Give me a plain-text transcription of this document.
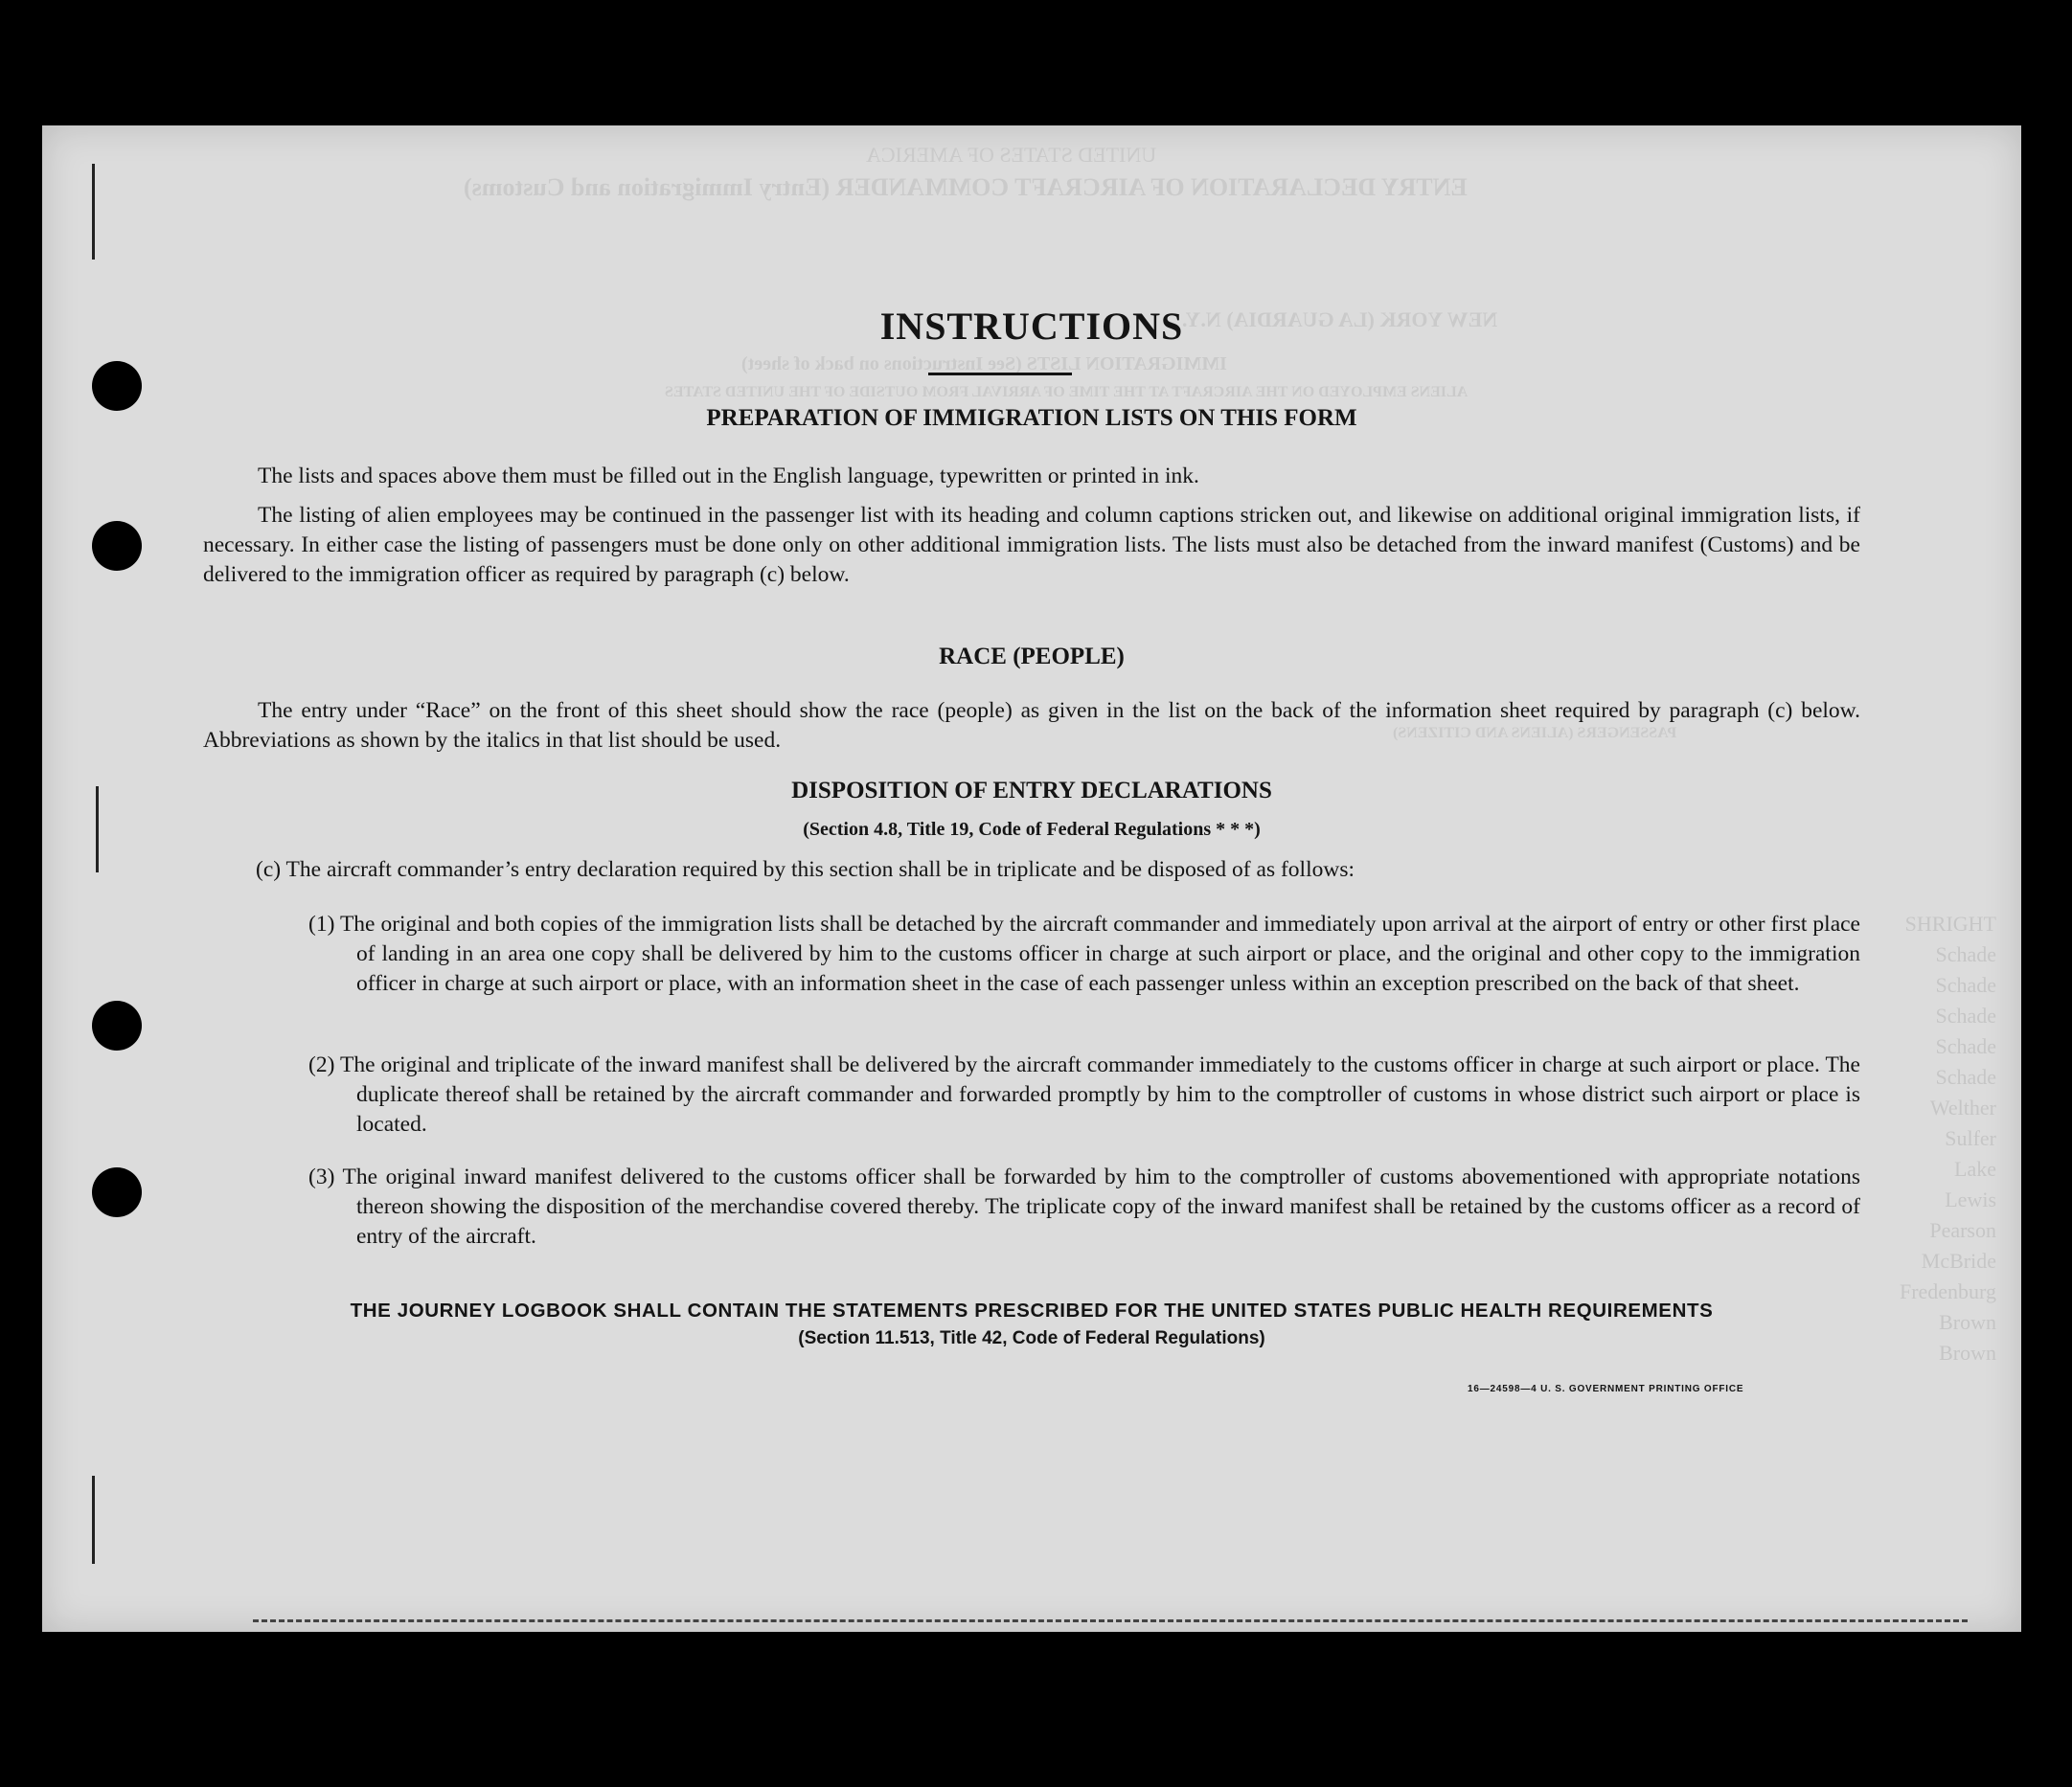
UNITED STATES OF AMERICA
ENTRY DECLARATION OF AIRCRAFT COMMANDER (Entry Immigration and Customs)
NEW YORK (LA GUARDIA) N.Y.
IMMIGRATION LISTS (See Instructions on back of sheet)
ALIENS EMPLOYED ON THE AIRCRAFT AT THE TIME OF ARRIVAL FROM OUTSIDE OF THE UNITED STATES
PASSENGERS (ALIENS AND CITIZENS)
SHRIGHT
Schade
Schade
Schade
Schade
Schade
Welther
Sulfer
Lake
Lewis
Pearson
McBride
Fredenburg
Brown
Brown
INSTRUCTIONS
PREPARATION OF IMMIGRATION LISTS ON THIS FORM
The lists and spaces above them must be filled out in the English language, typewritten or printed in ink.
The listing of alien employees may be continued in the passenger list with its heading and column captions stricken out, and likewise on additional original immigration lists, if necessary. In either case the listing of passengers must be done only on other additional immigration lists. The lists must also be detached from the inward manifest (Customs) and be delivered to the immigration officer as required by paragraph (c) below.
RACE (PEOPLE)
The entry under “Race” on the front of this sheet should show the race (people) as given in the list on the back of the information sheet required by paragraph (c) below. Abbreviations as shown by the italics in that list should be used.
DISPOSITION OF ENTRY DECLARATIONS
(Section 4.8, Title 19, Code of Federal Regulations * * *)
(c) The aircraft commander’s entry declaration required by this section shall be in triplicate and be disposed of as follows:
(1) The original and both copies of the immigration lists shall be detached by the aircraft commander and immediately upon arrival at the airport of entry or other first place of landing in an area one copy shall be delivered by him to the customs officer in charge at such airport or place, and the original and other copy to the immigration officer in charge at such airport or place, with an information sheet in the case of each passenger unless within an exception prescribed on the back of that sheet.
(2) The original and triplicate of the inward manifest shall be delivered by the aircraft commander immediately to the customs officer in charge at such airport or place. The duplicate thereof shall be retained by the aircraft commander and forwarded promptly by him to the comptroller of customs in whose district such airport or place is located.
(3) The original inward manifest delivered to the customs officer shall be forwarded by him to the comptroller of customs abovementioned with appropriate notations thereon showing the disposition of the merchandise covered thereby. The triplicate copy of the inward manifest shall be retained by the customs officer as a record of entry of the aircraft.
THE JOURNEY LOGBOOK SHALL CONTAIN THE STATEMENTS PRESCRIBED FOR THE UNITED STATES PUBLIC HEALTH REQUIREMENTS
(Section 11.513, Title 42, Code of Federal Regulations)
16—24598—4 U. S. GOVERNMENT PRINTING OFFICE
